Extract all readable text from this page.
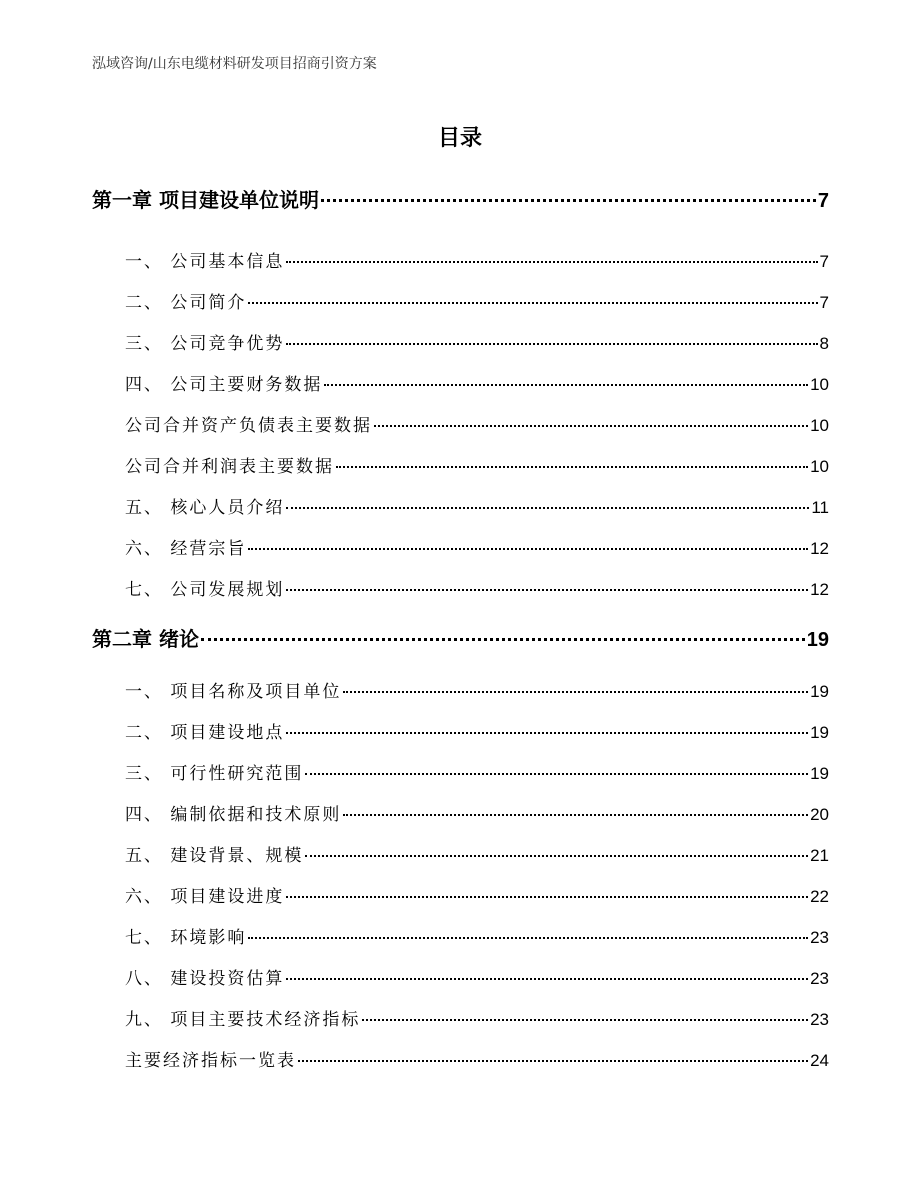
泓域咨询/山东电缆材料研发项目招商引资方案
目录
第一章 项目建设单位说明	7
一、 公司基本信息	7
二、 公司简介	7
三、 公司竞争优势	8
四、 公司主要财务数据	10
公司合并资产负债表主要数据	10
公司合并利润表主要数据	10
五、 核心人员介绍	11
六、 经营宗旨	12
七、 公司发展规划	12
第二章 绪论	19
一、 项目名称及项目单位	19
二、 项目建设地点	19
三、 可行性研究范围	19
四、 编制依据和技术原则	20
五、 建设背景、规模	21
六、 项目建设进度	22
七、 环境影响	23
八、 建设投资估算	23
九、 项目主要技术经济指标	23
主要经济指标一览表	24
